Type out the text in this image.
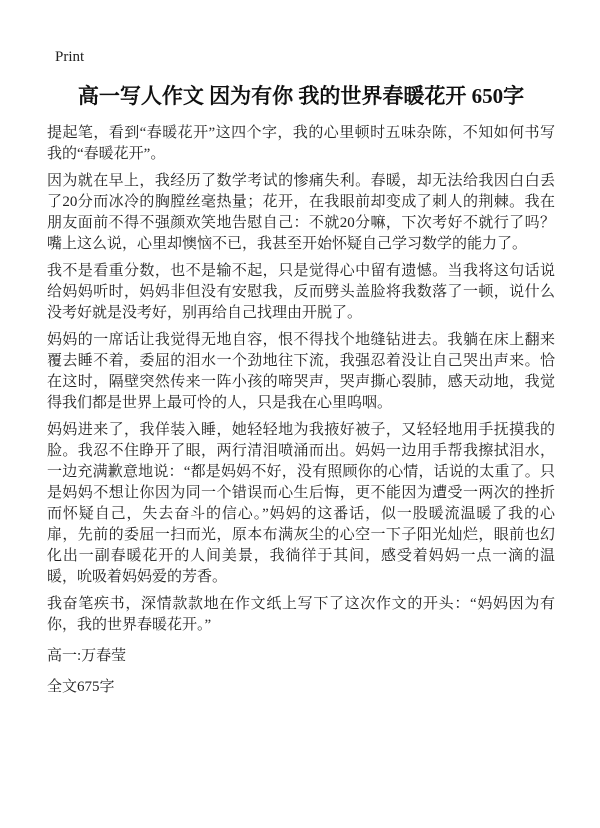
Print
高一写人作文 因为有你 我的世界春暖花开 650字

提起笔，看到“春暖花开”这四个字，我的心里顿时五味杂陈，不知如何书写我的“春暖花开”。

因为就在早上，我经历了数学考试的惨痛失利。春暖，却无法给我因白白丢了20分而冰冷的胸膛丝毫热量；花开，在我眼前却变成了刺人的荆棘。我在朋友面前不得不强颜欢笑地告慰自己：不就20分嘛，下次考好不就行了吗？嘴上这么说，心里却懊恼不已，我甚至开始怀疑自己学习数学的能力了。

我不是看重分数，也不是输不起，只是觉得心中留有遗憾。当我将这句话说给妈妈听时，妈妈非但没有安慰我，反而劈头盖脸将我数落了一顿，说什么没考好就是没考好，别再给自己找理由开脱了。

妈妈的一席话让我觉得无地自容，恨不得找个地缝钻进去。我躺在床上翻来覆去睡不着，委屈的泪水一个劲地往下流，我强忍着没让自己哭出声来。恰在这时，隔壁突然传来一阵小孩的啼哭声，哭声撕心裂肺，感天动地，我觉得我们都是世界上最可怜的人，只是我在心里呜咽。

妈妈进来了，我佯装入睡，她轻轻地为我掖好被子，又轻轻地用手抚摸我的脸。我忍不住睁开了眼，两行清泪喷涌而出。妈妈一边用手帮我擦拭泪水，一边充满歉意地说：“都是妈妈不好，没有照顾你的心情，话说的太重了。只是妈妈不想让你因为同一个错误而心生后悔，更不能因为遭受一两次的挫折而怀疑自己，失去奋斗的信心。”妈妈的这番话，似一股暖流温暖了我的心扉，先前的委屈一扫而光，原本布满灰尘的心空一下子阳光灿烂，眼前也幻化出一副春暖花开的人间美景，我徜徉于其间，感受着妈妈一点一滴的温暖，吮吸着妈妈爱的芳香。

我奋笔疾书，深情款款地在作文纸上写下了这次作文的开头：“妈妈因为有你，我的世界春暖花开。”

高一:万春莹

全文675字
